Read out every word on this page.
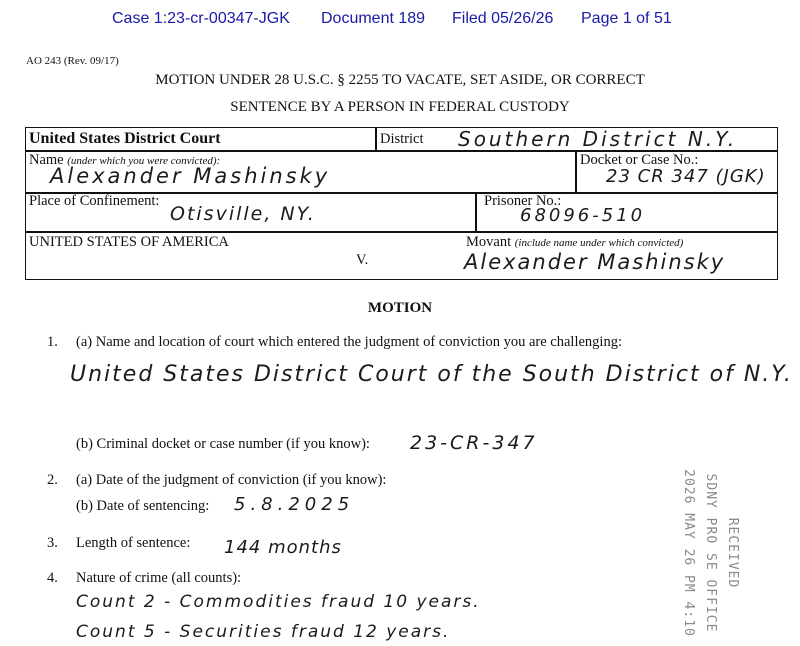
Case 1:23-cr-00347-JGK Document 189 Filed 05/26/26 Page 1 of 51
AO 243 (Rev. 09/17)
MOTION UNDER 28 U.S.C. § 2255 TO VACATE, SET ASIDE, OR CORRECT
SENTENCE BY A PERSON IN FEDERAL CUSTODY
United States District Court	District Southern District N.Y.
Name (under which you were convicted):
Alexander Mashinsky
Docket or Case No.:
23 CR 347 (JGK)
Place of Confinement:
Otisville, NY.
Prisoner No.:
68096-510
UNITED STATES OF AMERICA
V.
Movant (include name under which convicted)
Alexander Mashinsky
MOTION
1. (a) Name and location of court which entered the judgment of conviction you are challenging:
United States District Court of the South District of N.Y.
(b) Criminal docket or case number (if you know): 23-CR-347
2. (a) Date of the judgment of conviction (if you know):
(b) Date of sentencing: 5.8.2025
3. Length of sentence: 144 months
4. Nature of crime (all counts):
Count 2 - Commodities fraud 10 years.
Count 5 - Securities fraud 12 years.
RECEIVED
SDNY PRO SE OFFICE
2026 MAY 26 PM 4:10
